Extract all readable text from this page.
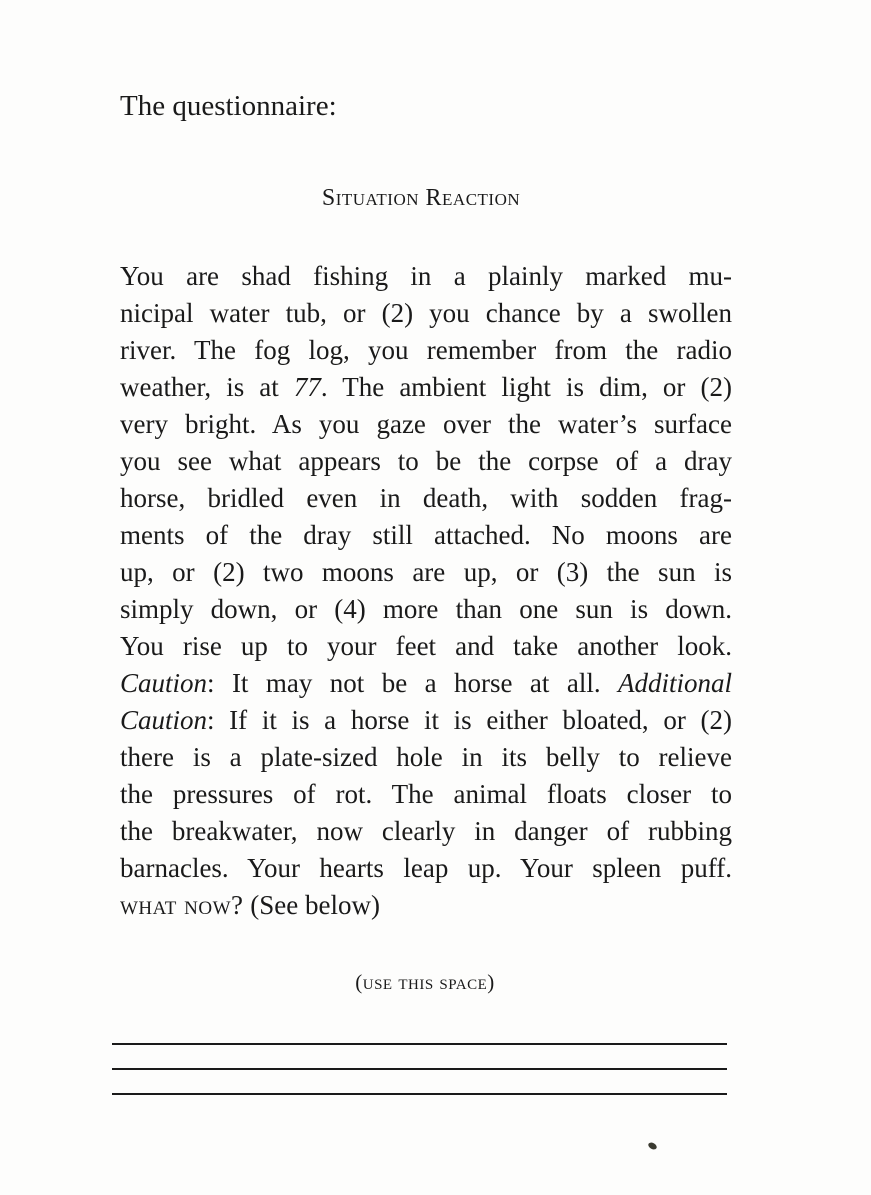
The questionnaire:

Situation Reaction
You are shad fishing in a plainly marked mu-
nicipal water tub, or (2) you chance by a swollen
river. The fog log, you remember from the radio
weather, is at 77. The ambient light is dim, or (2)
very bright. As you gaze over the water’s surface
you see what appears to be the corpse of a dray
horse, bridled even in death, with sodden frag-
ments of the dray still attached. No moons are
up, or (2) two moons are up, or (3) the sun is
simply down, or (4) more than one sun is down.
You rise up to your feet and take another look.
Caution: It may not be a horse at all. Additional
Caution: If it is a horse it is either bloated, or (2)
there is a plate-sized hole in its belly to relieve
the pressures of rot. The animal floats closer to
the breakwater, now clearly in danger of rubbing
barnacles. Your hearts leap up. Your spleen puff.
what now? (See below)

(use this space)
